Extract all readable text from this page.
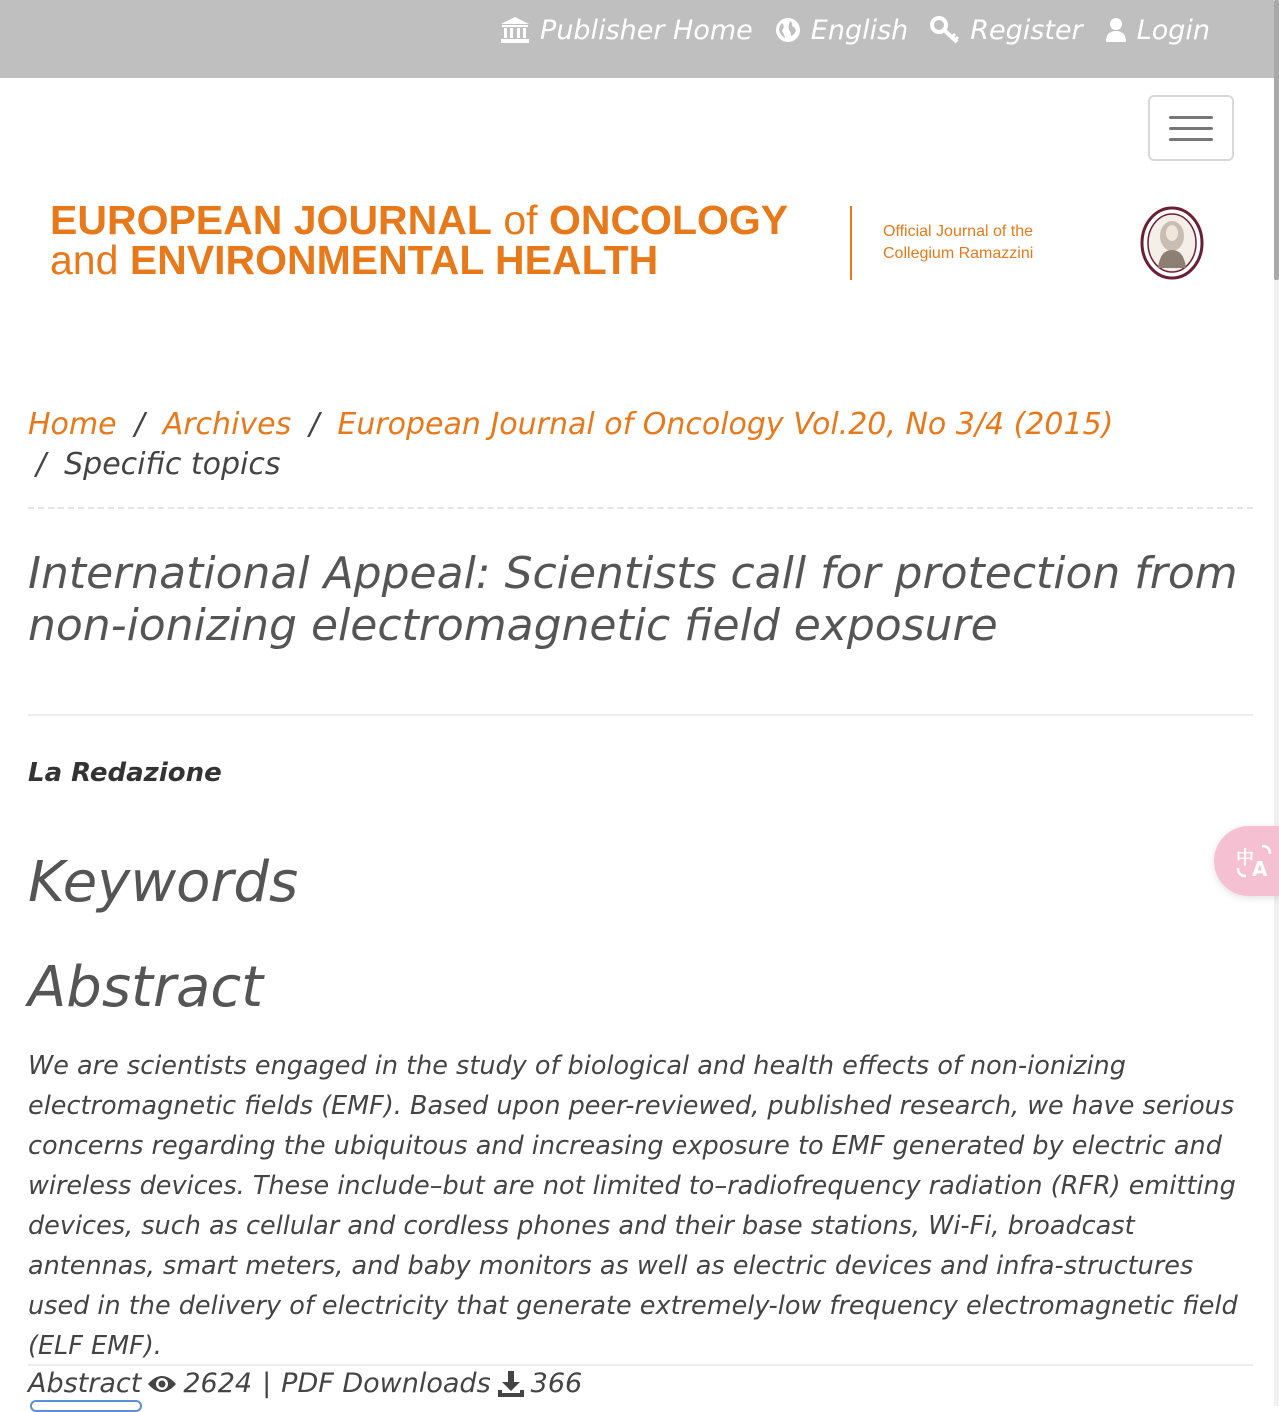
Publisher Home English Register Login
EUROPEAN JOURNAL of ONCOLOGY
and ENVIRONMENTAL HEALTH
Official Journal of the
Collegium Ramazzini
Home / Archives / European Journal of Oncology Vol.20, No 3/4 (2015)
/ Specific topics
International Appeal: Scientists call for protection from non-ionizing electromagnetic field exposure
La Redazione
Keywords
Abstract

We are scientists engaged in the study of biological and health effects of non-ionizing electromagnetic fields (EMF). Based upon peer-reviewed, published research, we have serious concerns regarding the ubiquitous and increasing exposure to EMF generated by electric and wireless devices. These include–but are not limited to–radiofrequency radiation (RFR) emitting devices, such as cellular and cordless phones and their base stations, Wi-Fi, broadcast antennas, smart meters, and baby monitors as well as electric devices and infra-structures used in the delivery of electricity that generate extremely-low frequency electromagnetic field (ELF EMF).

Abstract 2624 | PDF Downloads 366
中
A
